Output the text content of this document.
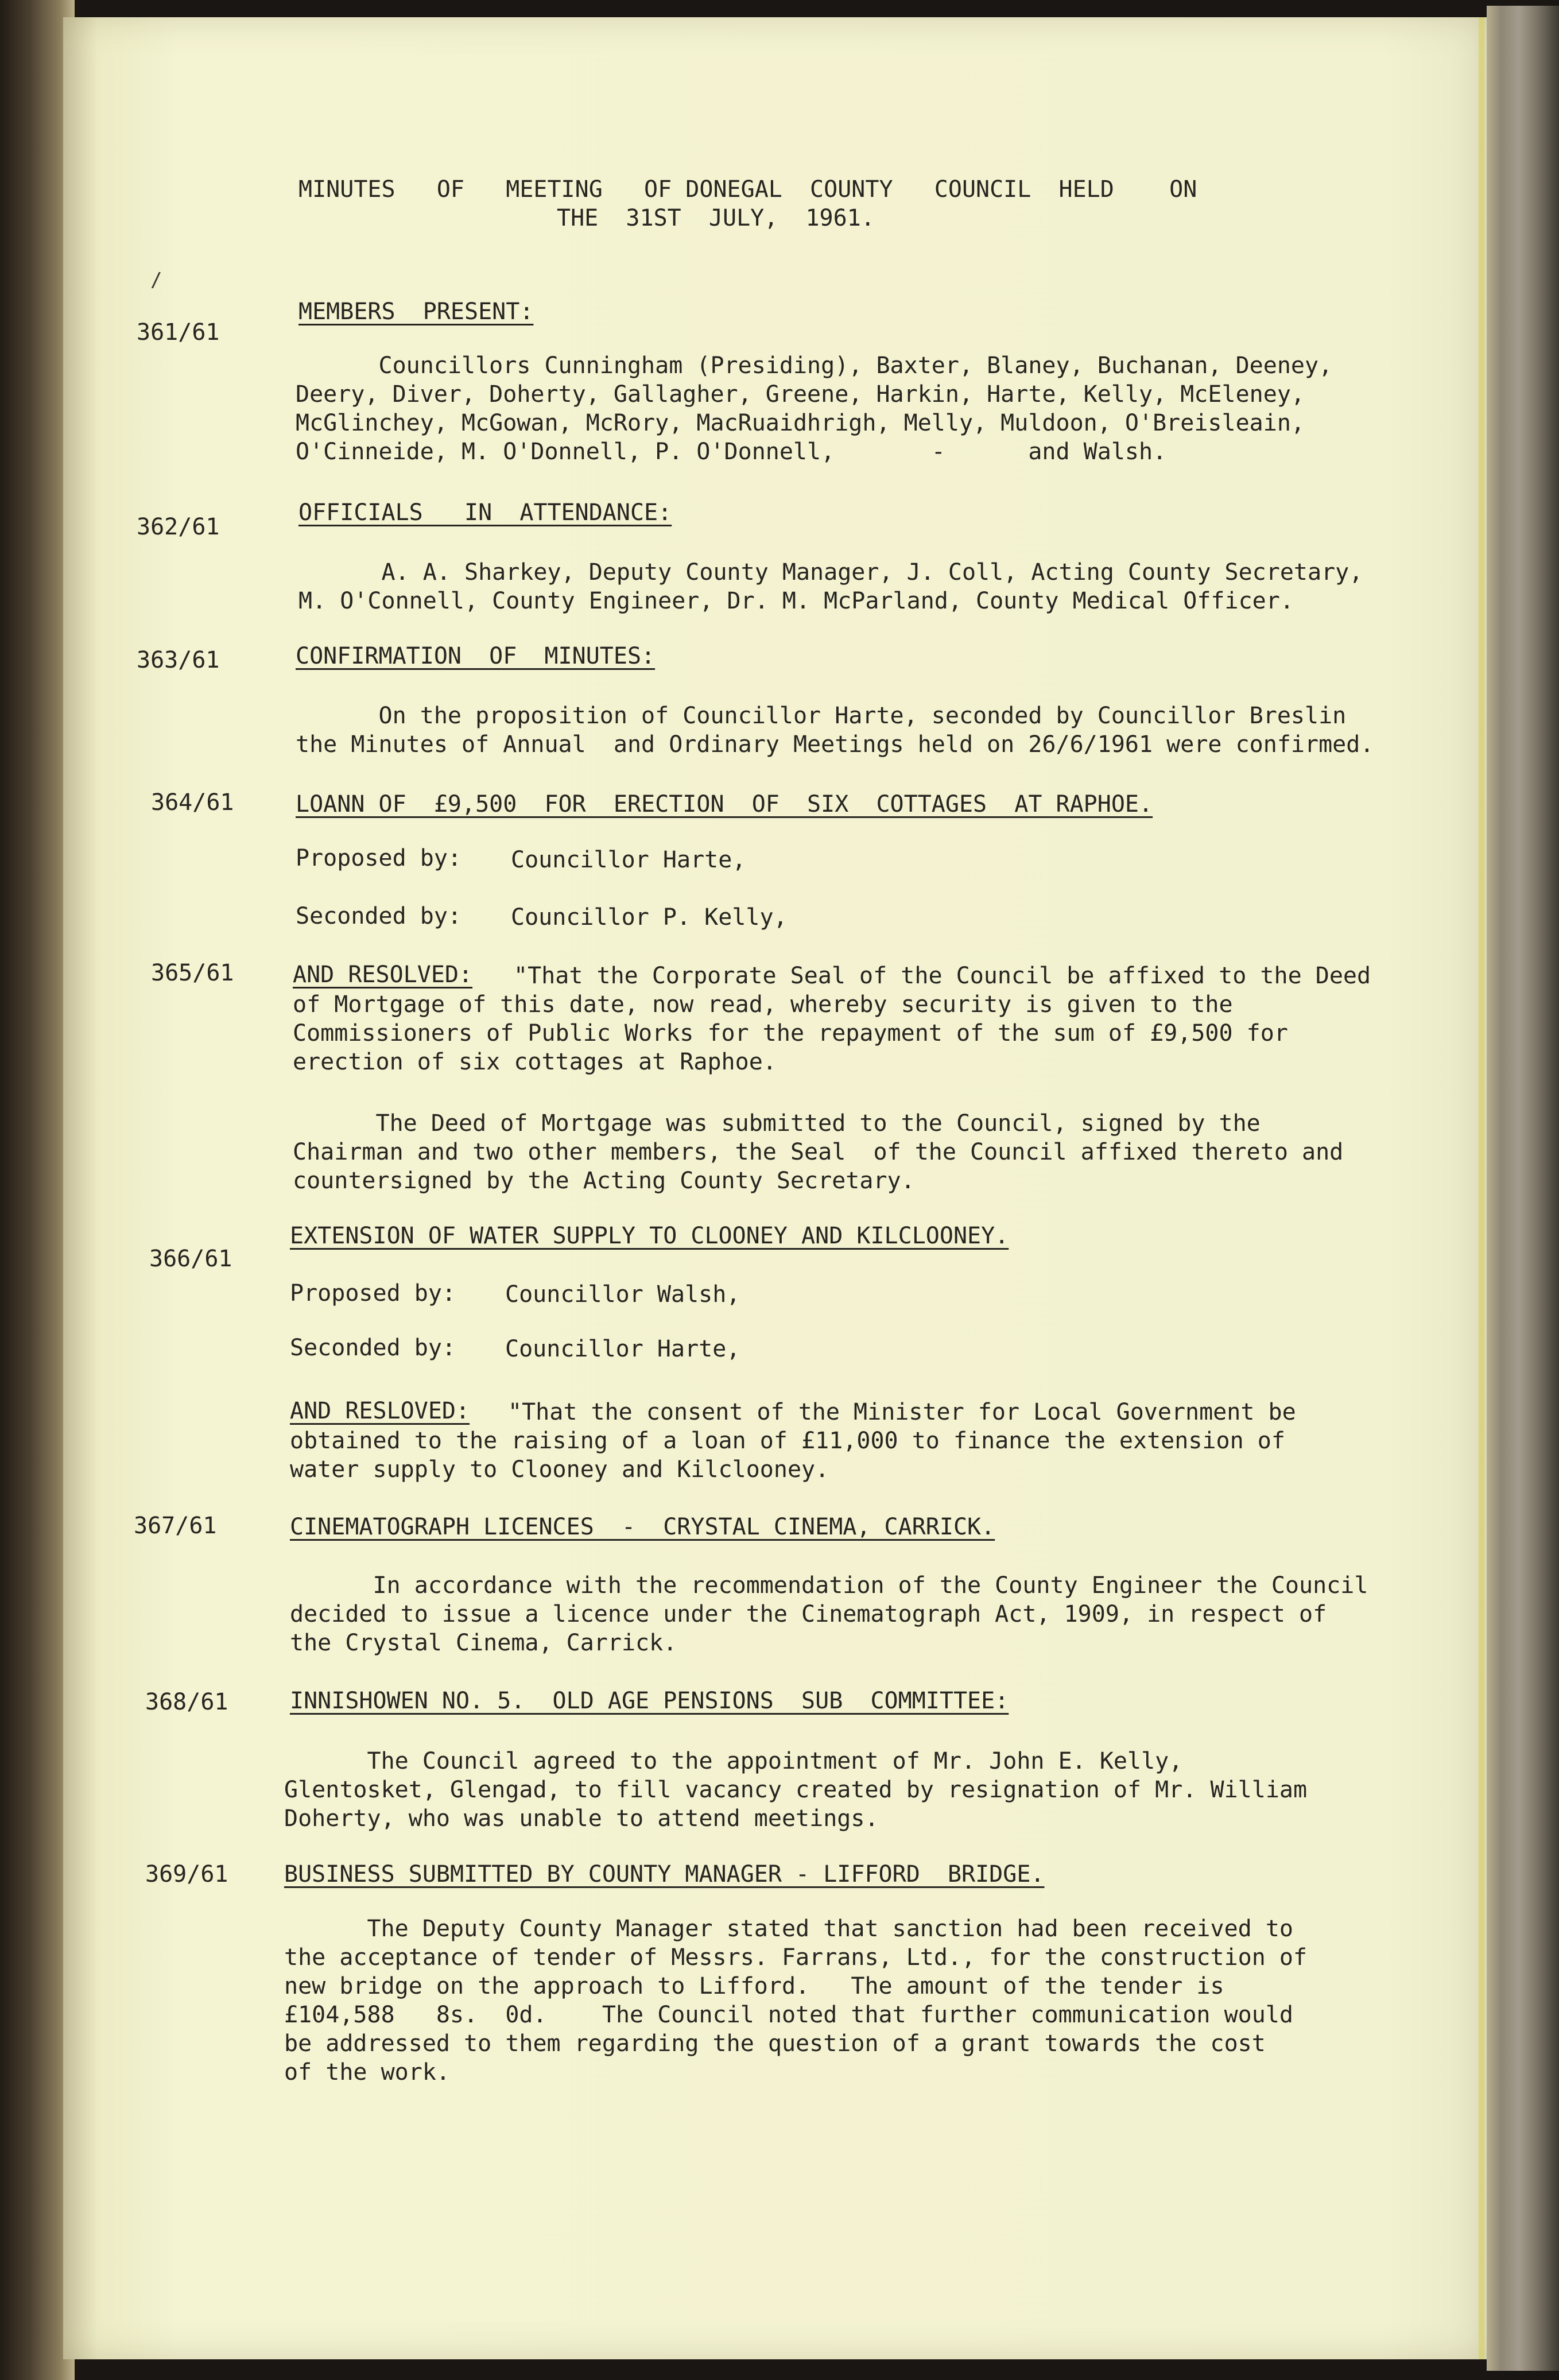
MINUTES   OF   MEETING   OF DONEGAL  COUNTY   COUNCIL  HELD    ON
THE  31ST  JULY,  1961.
/
361/61
MEMBERS  PRESENT:
Councillors Cunningham (Presiding), Baxter, Blaney, Buchanan, Deeney,
Deery, Diver, Doherty, Gallagher, Greene, Harkin, Harte, Kelly, McEleney,
McGlinchey, McGowan, McRory, MacRuaidhrigh, Melly, Muldoon, O'Breisleain,
O'Cinneide, M. O'Donnell, P. O'Donnell,       -      and Walsh.
362/61
OFFICIALS   IN  ATTENDANCE:
A. A. Sharkey, Deputy County Manager, J. Coll, Acting County Secretary,
M. O'Connell, County Engineer, Dr. M. McParland, County Medical Officer.
363/61	CONFIRMATION  OF  MINUTES:
On the proposition of Councillor Harte, seconded by Councillor Breslin
the Minutes of Annual  and Ordinary Meetings held on 26/6/1961 were confirmed.
364/61	LOANN OF  £9,500  FOR  ERECTION  OF  SIX  COTTAGES  AT RAPHOE.
Proposed by: Councillor Harte,
Seconded by: Councillor P. Kelly,
365/61	AND RESOLVED:	"That the Corporate Seal of the Council be affixed to the Deed
of Mortgage of this date, now read, whereby security is given to the
Commissioners of Public Works for the repayment of the sum of £9,500 for
erection of six cottages at Raphoe.
The Deed of Mortgage was submitted to the Council, signed by the
Chairman and two other members, the Seal  of the Council affixed thereto and
countersigned by the Acting County Secretary.
366/61
EXTENSION OF WATER SUPPLY TO CLOONEY AND KILCLOONEY.
Proposed by: Councillor Walsh,
Seconded by: Councillor Harte,
AND RESLOVED:	"That the consent of the Minister for Local Government be
obtained to the raising of a loan of £11,000 to finance the extension of
water supply to Clooney and Kilclooney.
367/61	CINEMATOGRAPH LICENCES  -  CRYSTAL CINEMA, CARRICK.
In accordance with the recommendation of the County Engineer the Council
decided to issue a licence under the Cinematograph Act, 1909, in respect of
the Crystal Cinema, Carrick.
368/61	INNISHOWEN NO. 5.  OLD AGE PENSIONS  SUB  COMMITTEE:
The Council agreed to the appointment of Mr. John E. Kelly,
Glentosket, Glengad, to fill vacancy created by resignation of Mr. William
Doherty, who was unable to attend meetings.
369/61 BUSINESS SUBMITTED BY COUNTY MANAGER - LIFFORD  BRIDGE.
The Deputy County Manager stated that sanction had been received to
the acceptance of tender of Messrs. Farrans, Ltd., for the construction of
new bridge on the approach to Lifford.   The amount of the tender is
£104,588   8s.  0d.    The Council noted that further communication would
be addressed to them regarding the question of a grant towards the cost
of the work.
